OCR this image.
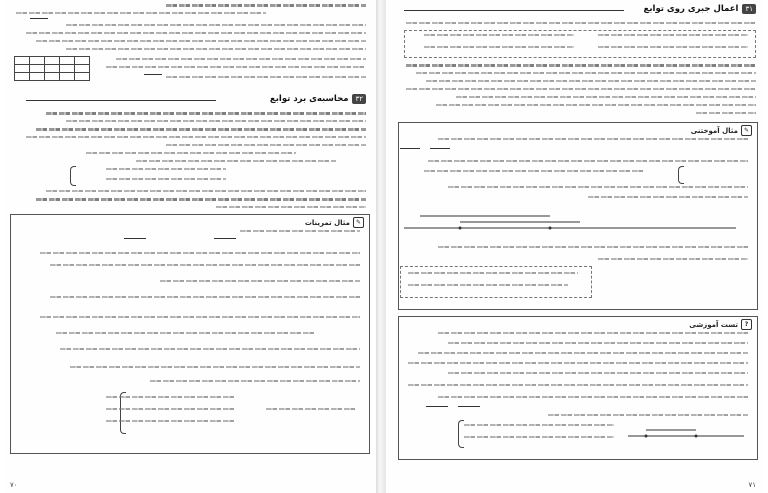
۳۲
محاسبه‌ی برد توابع
✎
مثال تمرینات
۷۰
۳۱
اعمال جبری روی توابع
✎
مثال آموختنی
?
تست آموزشی
۷۱
